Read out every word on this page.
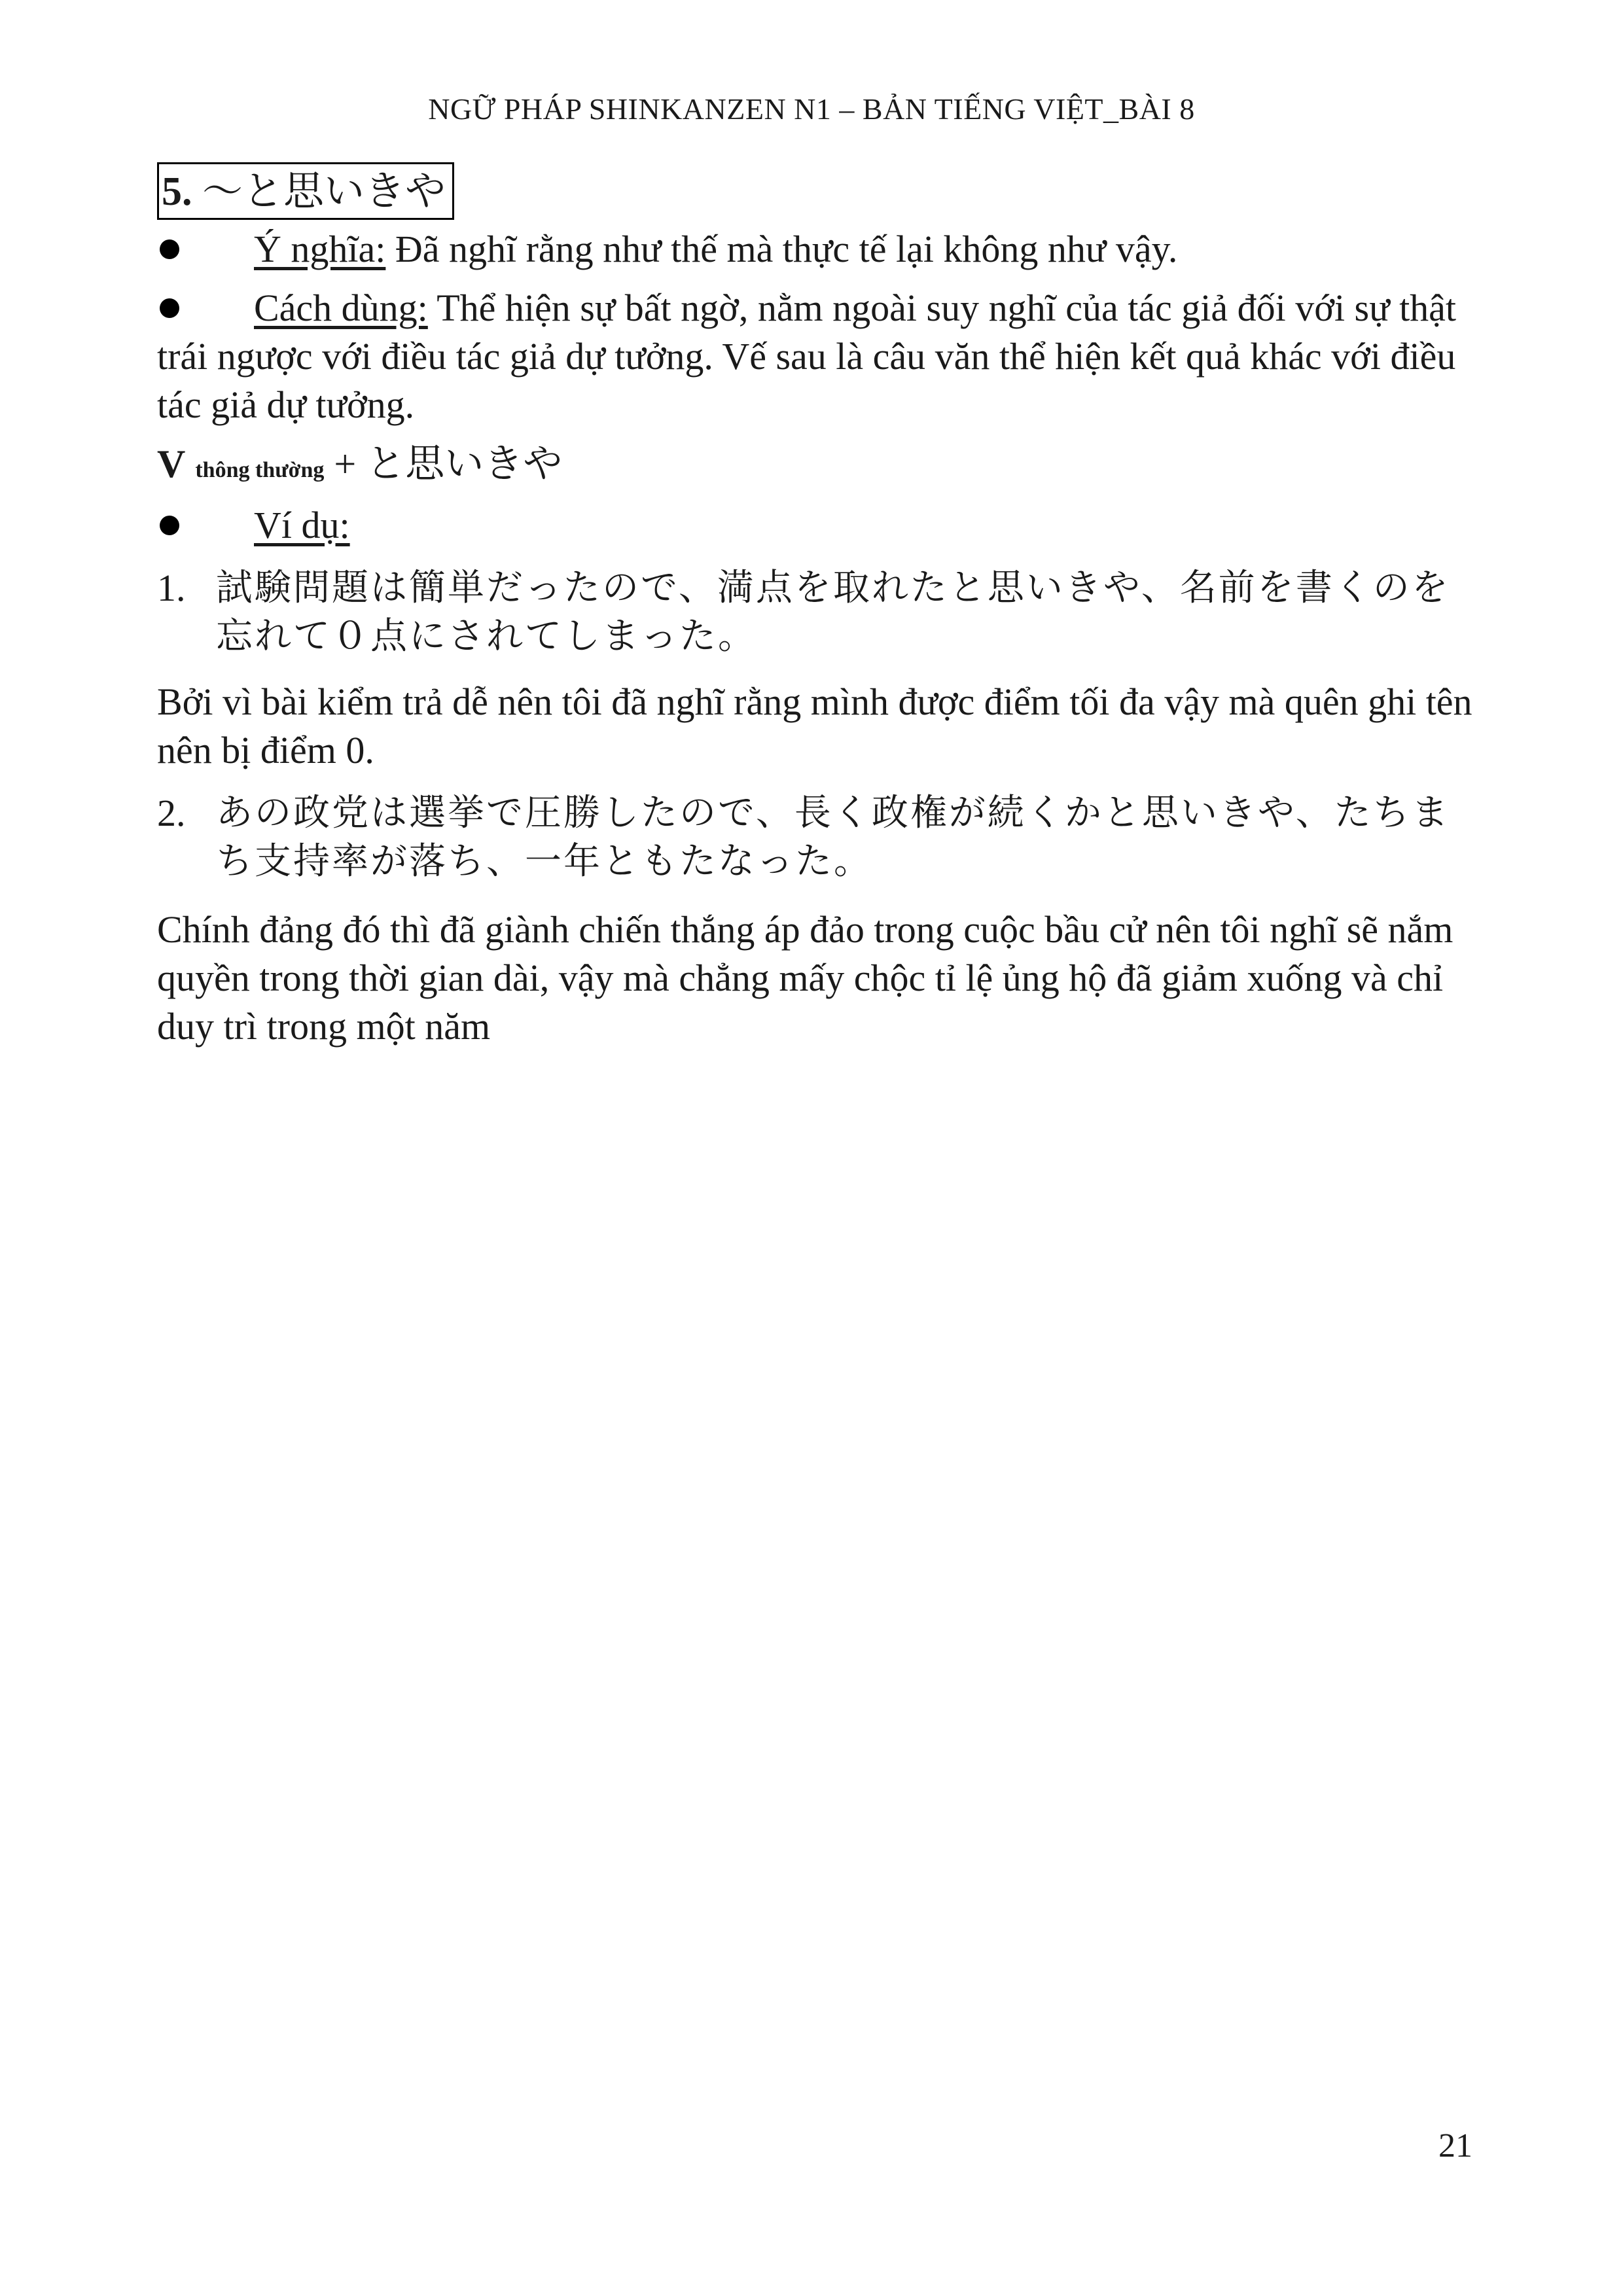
NGỮ PHÁP SHINKANZEN N1 – BẢN TIẾNG VIỆT_BÀI 8
5. 〜と思いきや
Ý nghĩa: Đã nghĩ rằng như thế mà thực tế lại không như vậy.
Cách dùng: Thể hiện sự bất ngờ, nằm ngoài suy nghĩ của tác giả đối với sự thật trái ngược với điều tác giả dự tưởng. Vế sau là câu văn thể hiện kết quả khác với điều tác giả dự tưởng.
V thông thường + と思いきや
Ví dụ:
1. 試験問題は簡単だったので、満点を取れたと思いきや、名前を書くのを忘れて０点にされてしまった。
Bởi vì bài kiểm trả dễ nên tôi đã nghĩ rằng mình được điểm tối đa vậy mà quên ghi tên nên bị điểm 0.
2. あの政党は選挙で圧勝したので、長く政権が続くかと思いきや、たちまち支持率が落ち、一年ともたなった。
Chính đảng đó thì đã giành chiến thắng áp đảo trong cuộc bầu cử nên tôi nghĩ sẽ nắm quyền trong thời gian dài, vậy mà chẳng mấy chộc tỉ lệ ủng hộ đã giảm xuống và chỉ duy trì trong một năm
21
